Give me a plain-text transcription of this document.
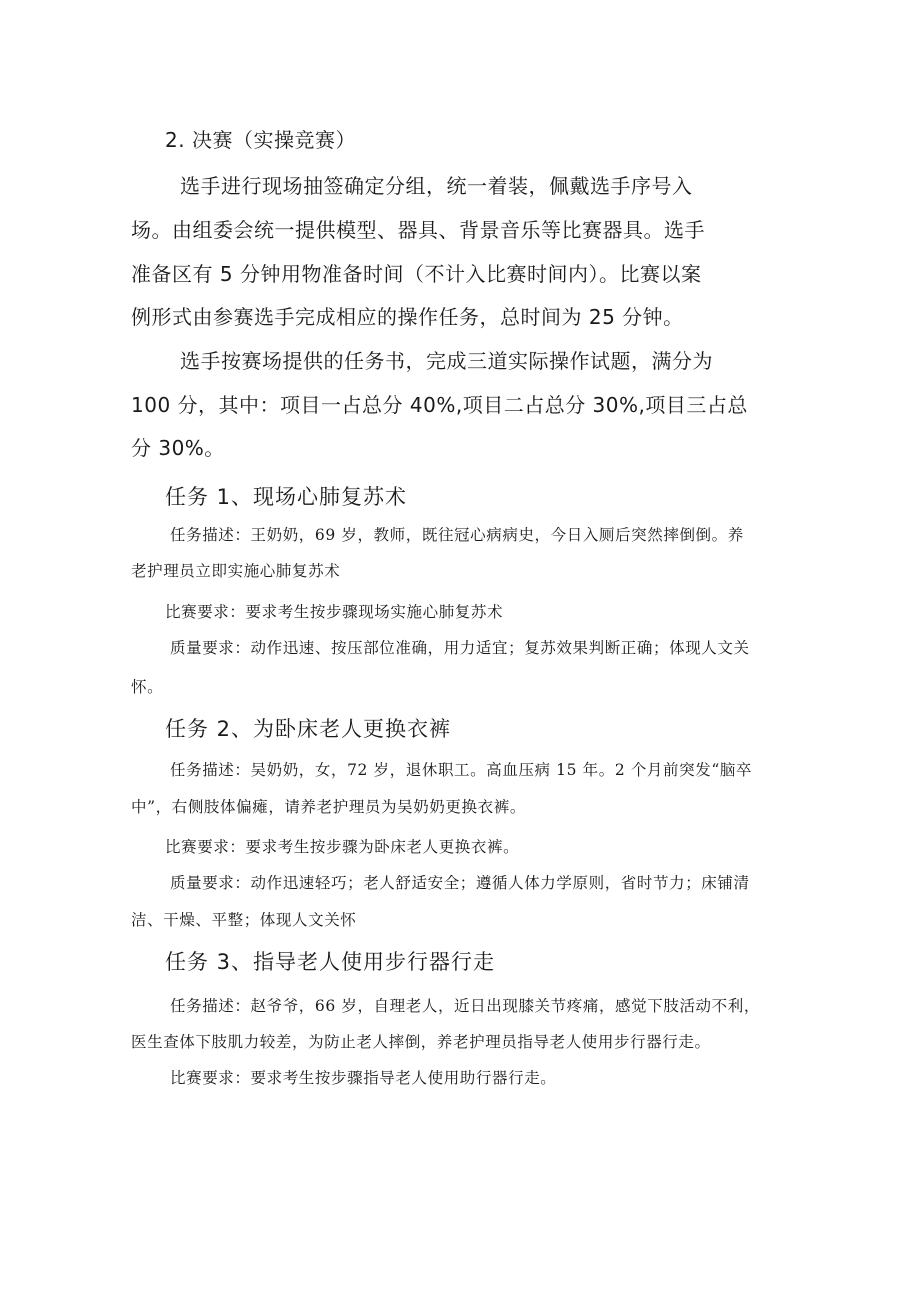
2. 决赛（实操竞赛）
选手进行现场抽签确定分组，统一着装，佩戴选手序号入
场。由组委会统一提供模型、器具、背景音乐等比赛器具。选手
准备区有 5 分钟用物准备时间（不计入比赛时间内）。比赛以案
例形式由参赛选手完成相应的操作任务，总时间为 25 分钟。
选手按赛场提供的任务书，完成三道实际操作试题，满分为
100 分，其中：项目一占总分 40%,项目二占总分 30%,项目三占总
分 30%。
任务 1、现场心肺复苏术
任务描述：王奶奶，69 岁，教师，既往冠心病病史，今日入厕后突然摔倒倒。养
老护理员立即实施心肺复苏术
比赛要求：要求考生按步骤现场实施心肺复苏术
质量要求：动作迅速、按压部位准确，用力适宜；复苏效果判断正确；体现人文关
怀。
任务 2、为卧床老人更换衣裤
任务描述：吴奶奶，女，72 岁，退休职工。高血压病 15 年。2 个月前突发“脑卒
中”，右侧肢体偏瘫，请养老护理员为吴奶奶更换衣裤。
比赛要求：要求考生按步骤为卧床老人更换衣裤。
质量要求：动作迅速轻巧；老人舒适安全；遵循人体力学原则，省时节力；床铺清
洁、干燥、平整；体现人文关怀
任务 3、指导老人使用步行器行走
任务描述：赵爷爷，66 岁，自理老人，近日出现膝关节疼痛，感觉下肢活动不利，
医生查体下肢肌力较差，为防止老人摔倒，养老护理员指导老人使用步行器行走。
比赛要求：要求考生按步骤指导老人使用助行器行走。
